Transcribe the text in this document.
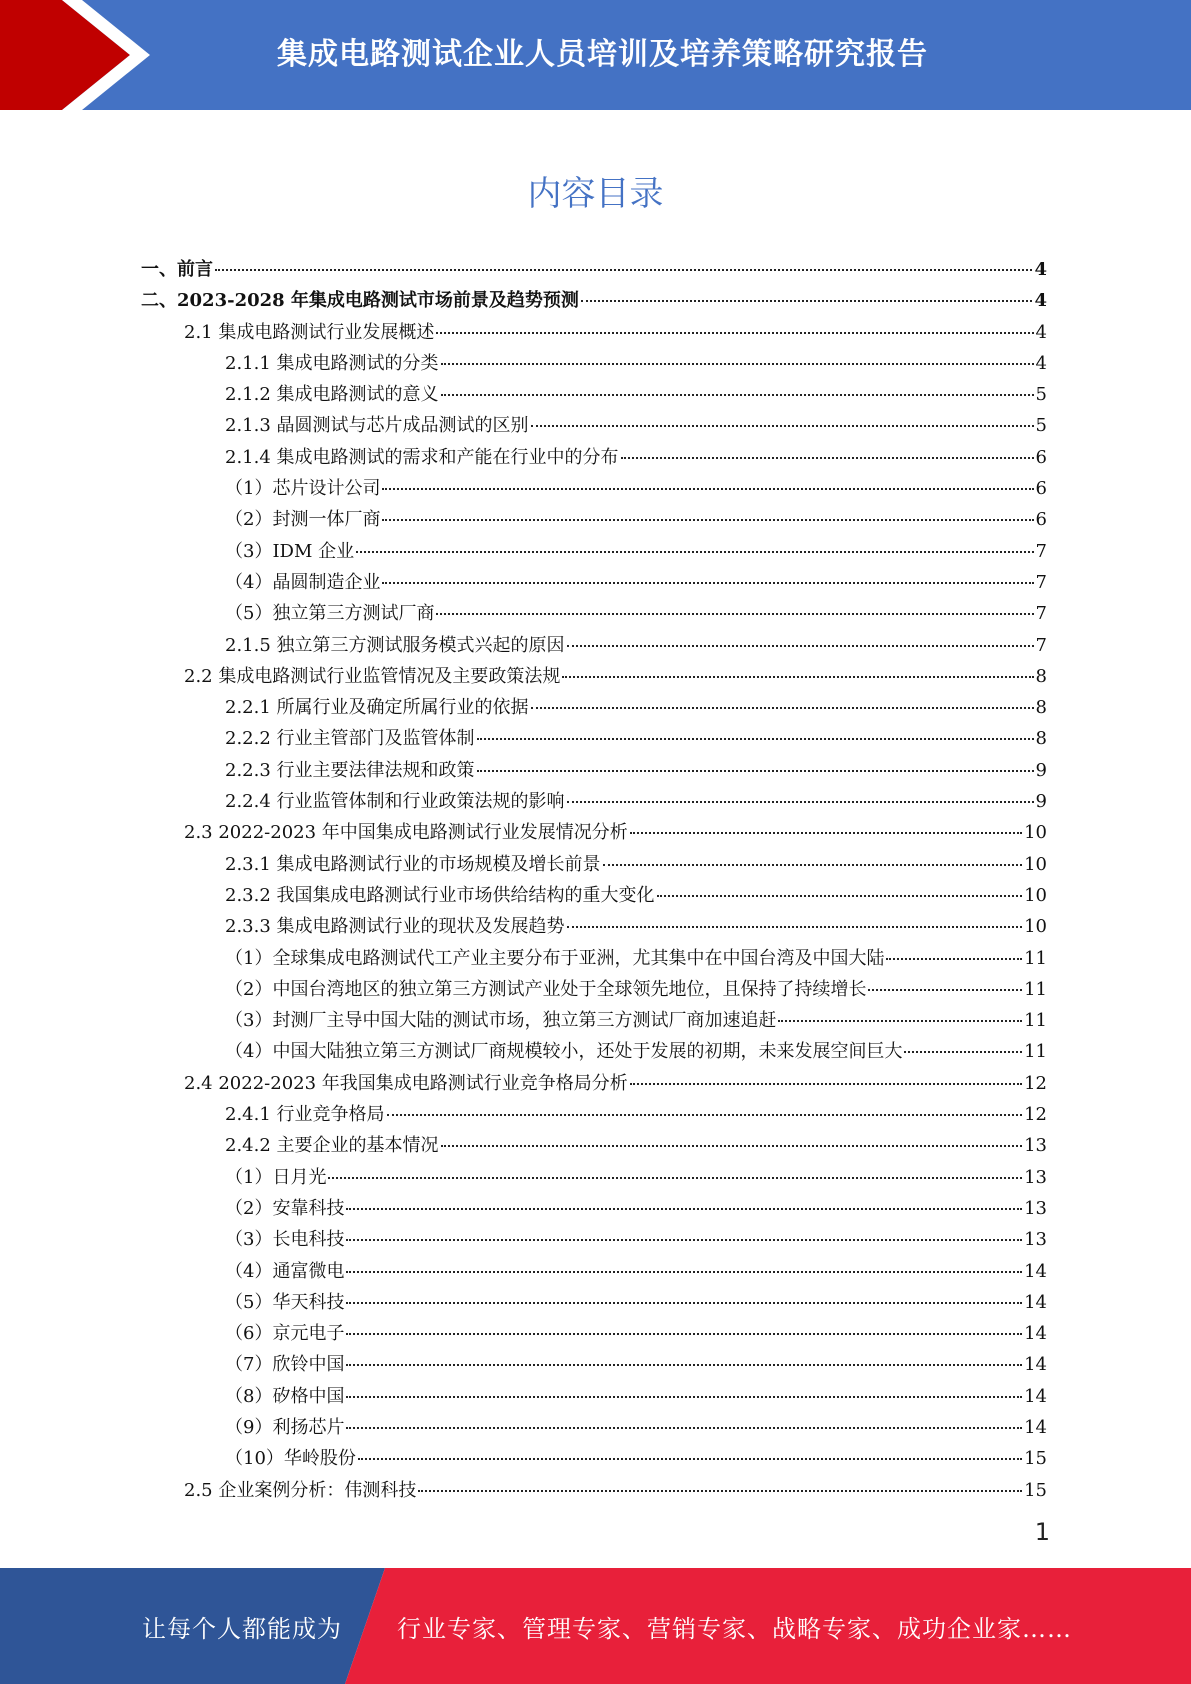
集成电路测试企业人员培训及培养策略研究报告
内容目录
一、前言	4
二、2023-2028 年集成电路测试市场前景及趋势预测	4
2.1 集成电路测试行业发展概述	4
2.1.1 集成电路测试的分类	4
2.1.2 集成电路测试的意义	5
2.1.3 晶圆测试与芯片成品测试的区别	5
2.1.4 集成电路测试的需求和产能在行业中的分布	6
（1）芯片设计公司	6
（2）封测一体厂商	6
（3）IDM 企业	7
（4）晶圆制造企业	7
（5）独立第三方测试厂商	7
2.1.5 独立第三方测试服务模式兴起的原因	7
2.2 集成电路测试行业监管情况及主要政策法规	8
2.2.1 所属行业及确定所属行业的依据	8
2.2.2 行业主管部门及监管体制	8
2.2.3 行业主要法律法规和政策	9
2.2.4 行业监管体制和行业政策法规的影响	9
2.3 2022-2023 年中国集成电路测试行业发展情况分析	10
2.3.1 集成电路测试行业的市场规模及增长前景	10
2.3.2 我国集成电路测试行业市场供给结构的重大变化	10
2.3.3 集成电路测试行业的现状及发展趋势	10
（1）全球集成电路测试代工产业主要分布于亚洲，尤其集中在中国台湾及中国大陆	11
（2）中国台湾地区的独立第三方测试产业处于全球领先地位，且保持了持续增长	11
（3）封测厂主导中国大陆的测试市场，独立第三方测试厂商加速追赶	11
（4）中国大陆独立第三方测试厂商规模较小，还处于发展的初期，未来发展空间巨大	11
2.4 2022-2023 年我国集成电路测试行业竞争格局分析	12
2.4.1 行业竞争格局	12
2.4.2 主要企业的基本情况	13
（1）日月光	13
（2）安靠科技	13
（3）长电科技	13
（4）通富微电	14
（5）华天科技	14
（6）京元电子	14
（7）欣铃中国	14
（8）矽格中国	14
（9）利扬芯片	14
（10）华岭股份	15
2.5 企业案例分析：伟测科技	15
1
让每个人都能成为 行业专家、管理专家、营销专家、战略专家、成功企业家……
